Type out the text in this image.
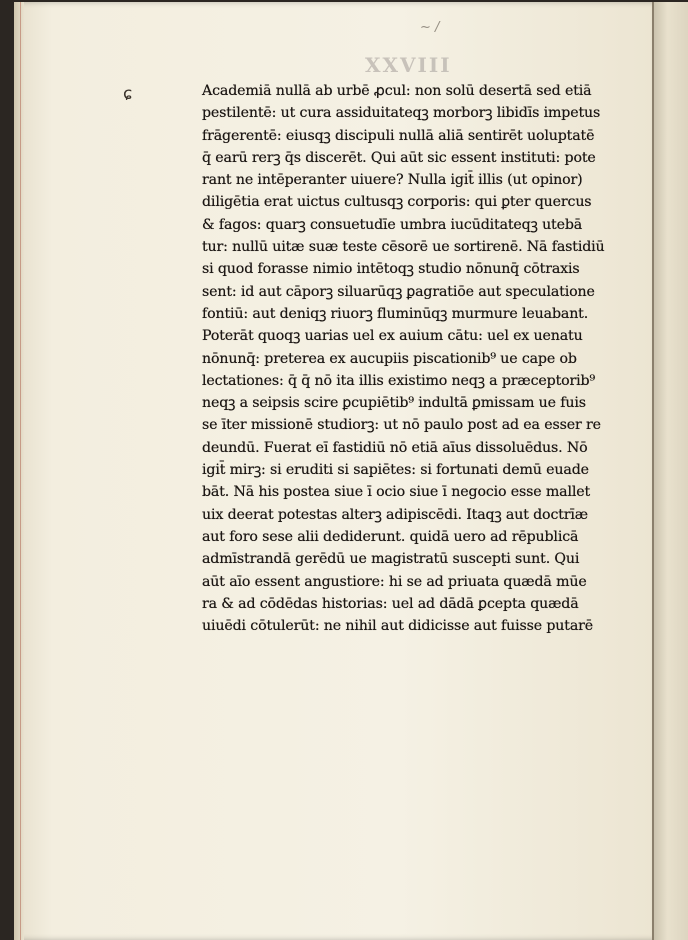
~ /
XXVIII
ɕ	Academiā nullā ab urbē ꝓcul: non solū desertā sed etiā
pestilentē: ut cura assiduitateqꝫ morborꝫ libidīs impetus
frāgerentē: eiusqꝫ discipuli nullā aliā sentirēt uoluptatē
q̄ earū rerꝫ q̄s discerēt. Qui aūt sic essent instituti: pote
rant ne intēperanter uiuere? Nulla igit̄ illis (ut opinor)
diligētia erat uictus cultusqꝫ corporis: qui ꝑter quercus
& fagos: quarꝫ consuetudīe umbra iucūditateqꝫ utebā
tur: nullū uitæ suæ teste cēsorē ue sortirenē. Nā fastidiū
si quod forasse nimio intētoqꝫ studio nōnunq̄ cōtraxis
sent: id aut cāporꝫ siluarūqꝫ ꝑagratiōe aut speculatione
fontiū: aut deniqꝫ riuorꝫ fluminūqꝫ murmure leuabant.
Poterāt quoqꝫ uarias uel ex auium cātu: uel ex uenatu
nōnunq̄: preterea ex aucupiis piscationib⁹ ue cape ob
lectationes: q̄ q̄ nō ita illis existimo neqꝫ a præceptorib⁹
neqꝫ a seipsis scire ꝑcupiētib⁹ indultā ꝑmissam ue fuis
se īter missionē studiorꝫ: ut nō paulo post ad ea esser re
deundū. Fuerat eī fastidiū nō etiā aīus dissoluēdus. Nō
igit̄ mirꝫ: si eruditi si sapiētes: si fortunati demū euade
bāt. Nā his postea siue ī ocio siue ī negocio esse mallet
uix deerat potestas alterꝫ adipiscēdi. Itaqꝫ aut doctrīæ
aut foro sese alii dediderunt. quidā uero ad rēpublicā
admīstrandā gerēdū ue magistratū suscepti sunt. Qui
aūt aīo essent angustiore: hi se ad priuata quædā mūe
ra & ad cōdēdas historias: uel ad dādā ꝑcepta quædā
uiuēdi cōtulerūt: ne nihil aut didicisse aut fuisse putarē
